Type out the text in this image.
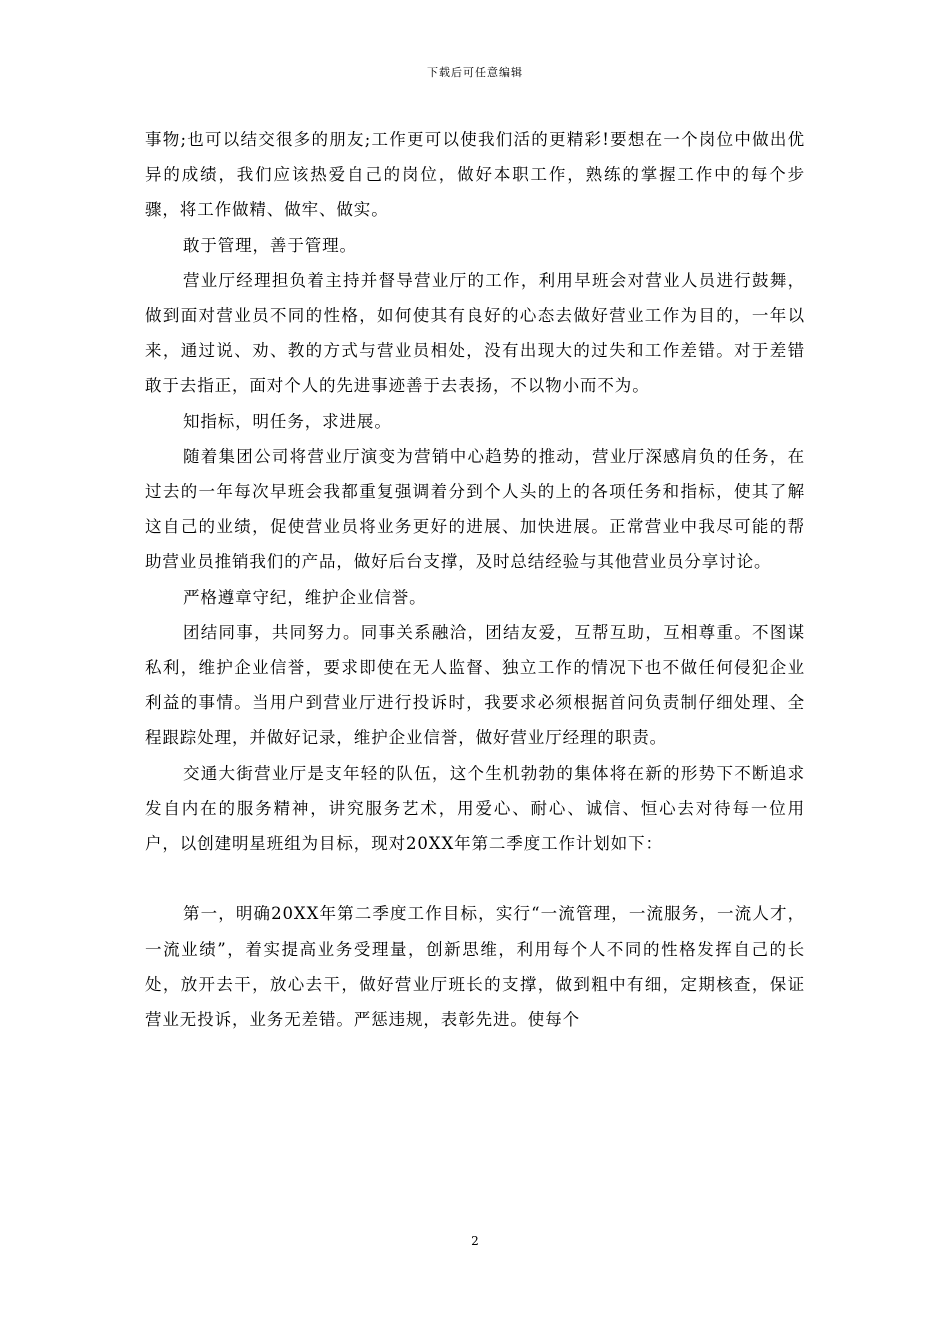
下载后可任意编辑

事物;也可以结交很多的朋友;工作更可以使我们活的更精彩!要想在一个岗位中做出优异的成绩，我们应该热爱自己的岗位，做好本职工作，熟练的掌握工作中的每个步骤，将工作做精、做牢、做实。

敢于管理，善于管理。

营业厅经理担负着主持并督导营业厅的工作，利用早班会对营业人员进行鼓舞，做到面对营业员不同的性格，如何使其有良好的心态去做好营业工作为目的，一年以来，通过说、劝、教的方式与营业员相处，没有出现大的过失和工作差错。对于差错敢于去指正，面对个人的先进事迹善于去表扬，不以物小而不为。

知指标，明任务，求进展。

随着集团公司将营业厅演变为营销中心趋势的推动，营业厅深感肩负的任务，在过去的一年每次早班会我都重复强调着分到个人头的上的各项任务和指标，使其了解这自己的业绩，促使营业员将业务更好的进展、加快进展。正常营业中我尽可能的帮助营业员推销我们的产品，做好后台支撑，及时总结经验与其他营业员分享讨论。

严格遵章守纪，维护企业信誉。

团结同事，共同努力。同事关系融洽，团结友爱，互帮互助，互相尊重。不图谋私利，维护企业信誉，要求即使在无人监督、独立工作的情况下也不做任何侵犯企业利益的事情。当用户到营业厅进行投诉时，我要求必须根据首问负责制仔细处理、全程跟踪处理，并做好记录，维护企业信誉，做好营业厅经理的职责。

交通大街营业厅是支年轻的队伍，这个生机勃勃的集体将在新的形势下不断追求发自内在的服务精神，讲究服务艺术，用爱心、耐心、诚信、恒心去对待每一位用户，以创建明星班组为目标，现对20XX年第二季度工作计划如下：

第一，明确20XX年第二季度工作目标，实行“一流管理，一流服务，一流人才，一流业绩”，着实提高业务受理量，创新思维，利用每个人不同的性格发挥自己的长处，放开去干，放心去干，做好营业厅班长的支撑，做到粗中有细，定期核查，保证营业无投诉，业务无差错。严惩违规，表彰先进。使每个

2
